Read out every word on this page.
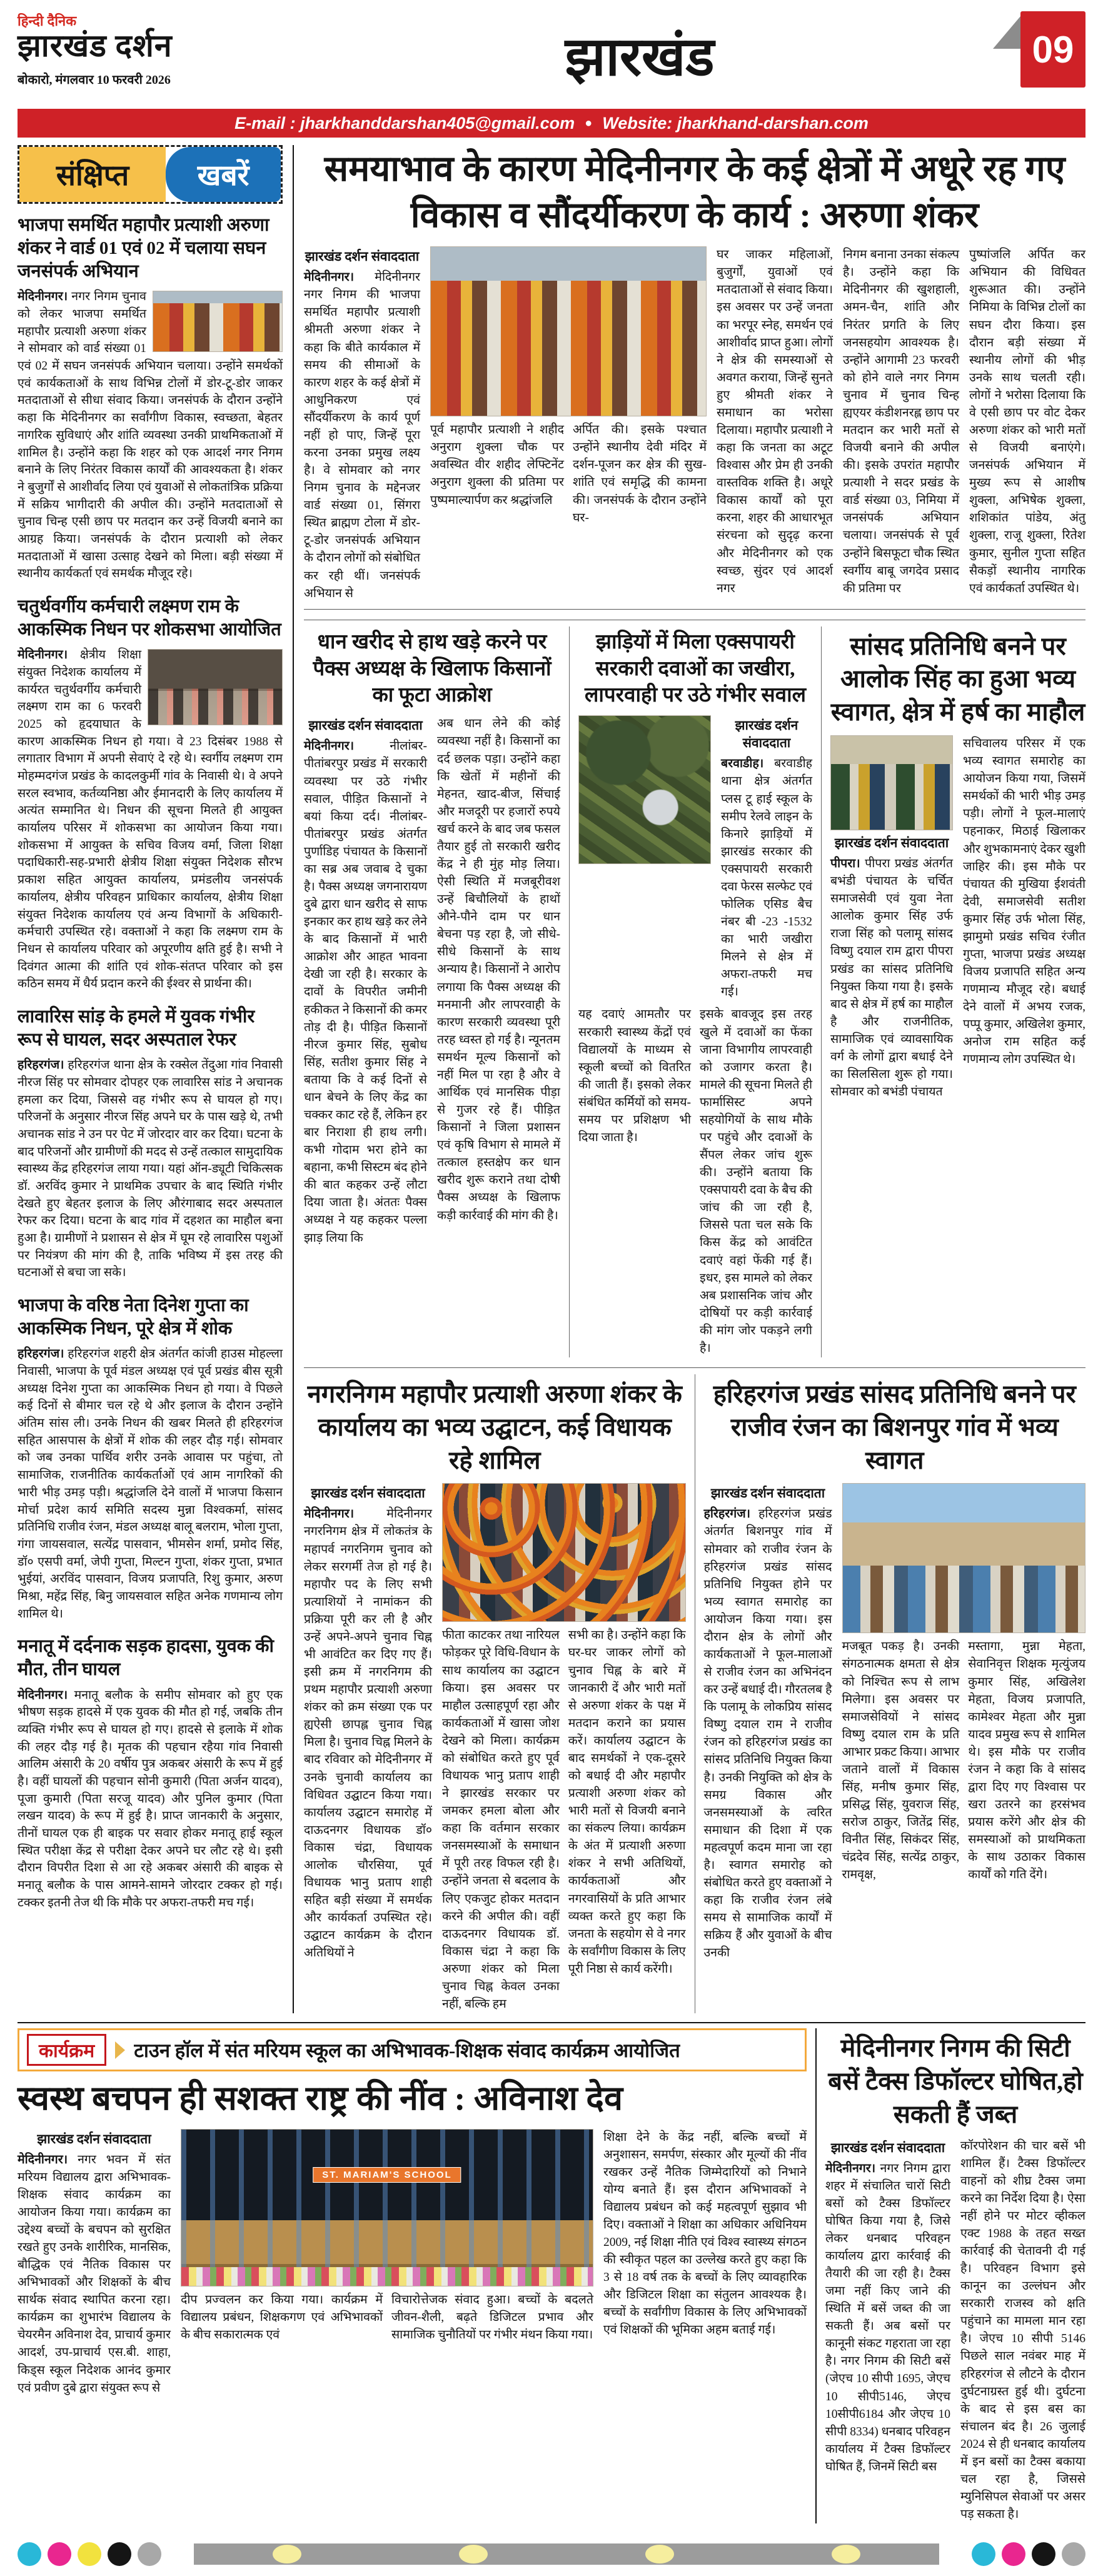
हिन्दी दैनिक
झारखंड दर्शन
बोकारो, मंगलवार 10 फरवरी 2026	झारखंड	09
E-mail : jharkhanddarshan405@gmail.com ● Website: jharkhand-darshan.com
संक्षिप्त	खबरें
भाजपा समर्थित महापौर प्रत्याशी अरुणा शंकर ने वार्ड 01 एवं 02 में चलाया सघन जनसंपर्क अभियान

मेदिनीनगर। नगर निगम चुनाव को लेकर भाजपा समर्थित महापौर प्रत्याशी अरुणा शंकर ने सोमवार को वार्ड संख्या 01 एवं 02 में सघन जनसंपर्क अभियान चलाया। उन्होंने समर्थकों एवं कार्यकताओं के साथ विभिन्न टोलों में डोर-टू-डोर जाकर मतदाताओं से सीधा संवाद किया। जनसंपर्क के दौरान उन्होंने कहा कि मेदिनीनगर का सर्वांगीण विकास, स्वच्छता, बेहतर नागरिक सुविधाएं और शांति व्यवस्था उनकी प्राथमिकताओं में शामिल है। उन्होंने कहा कि शहर को एक आदर्श नगर निगम बनाने के लिए निरंतर विकास कार्यों की आवश्यकता है। शंकर ने बुजुर्गों से आशीर्वाद लिया एवं युवाओं से लोकतांत्रिक प्रक्रिया में सक्रिय भागीदारी की अपील की। उन्होंने मतदाताओं से चुनाव चिन्ह एसी छाप पर मतदान कर उन्हें विजयी बनाने का आग्रह किया। जनसंपर्क के दौरान प्रत्याशी को लेकर मतदाताओं में खासा उत्साह देखने को मिला। बड़ी संख्या में स्थानीय कार्यकर्ता एवं समर्थक मौजूद रहे।

चतुर्थवर्गीय कर्मचारी लक्ष्मण राम के आकस्मिक निधन पर शोकसभा आयोजित

मेदिनीनगर। क्षेत्रीय शिक्षा संयुक्त निदेशक कार्यालय में कार्यरत चतुर्थवर्गीय कर्मचारी लक्ष्मण राम का 6 फरवरी 2025 को हृदयाघात के कारण आकस्मिक निधन हो गया। वे 23 दिसंबर 1988 से लगातार विभाग में अपनी सेवाएं दे रहे थे। स्वर्गीय लक्ष्मण राम मोहम्मदगंज प्रखंड के कादलकुर्मी गांव के निवासी थे। वे अपने सरल स्वभाव, कर्तव्यनिष्ठा और ईमानदारी के लिए कार्यालय में अत्यंत सम्मानित थे। निधन की सूचना मिलते ही आयुक्त कार्यालय परिसर में शोकसभा का आयोजन किया गया। शोकसभा में आयुक्त के सचिव विजय वर्मा, जिला शिक्षा पदाधिकारी-सह-प्रभारी क्षेत्रीय शिक्षा संयुक्त निदेशक सौरभ प्रकाश सहित आयुक्त कार्यालय, प्रमंडलीय जनसंपर्क कार्यालय, क्षेत्रीय परिवहन प्राधिकार कार्यालय, क्षेत्रीय शिक्षा संयुक्त निदेशक कार्यालय एवं अन्य विभागों के अधिकारी-कर्मचारी उपस्थित रहे। वक्ताओं ने कहा कि लक्ष्मण राम के निधन से कार्यालय परिवार को अपूरणीय क्षति हुई है। सभी ने दिवंगत आत्मा की शांति एवं शोक-संतप्त परिवार को इस कठिन समय में धैर्य प्रदान करने की ईश्वर से प्रार्थना की।

लावारिस सांड़ के हमले में युवक गंभीर रूप से घायल, सदर अस्पताल रेफर

हरिहरगंज। हरिहरगंज थाना क्षेत्र के रक्सेल तेंदुआ गांव निवासी नीरज सिंह पर सोमवार दोपहर एक लावारिस सांड ने अचानक हमला कर दिया, जिससे वह गंभीर रूप से घायल हो गए। परिजनों के अनुसार नीरज सिंह अपने घर के पास खड़े थे, तभी अचानक सांड ने उन पर पेट में जोरदार वार कर दिया। घटना के बाद परिजनों और ग्रामीणों की मदद से उन्हें तत्काल सामुदायिक स्वास्थ्य केंद्र हरिहरगंज लाया गया। यहां ऑन-ड्यूटी चिकित्सक डॉ. अरविंद कुमार ने प्राथमिक उपचार के बाद स्थिति गंभीर देखते हुए बेहतर इलाज के लिए औरंगाबाद सदर अस्पताल रेफर कर दिया। घटना के बाद गांव में दहशत का माहौल बना हुआ है। ग्रामीणों ने प्रशासन से क्षेत्र में घूम रहे लावारिस पशुओं पर नियंत्रण की मांग की है, ताकि भविष्य में इस तरह की घटनाओं से बचा जा सके।

भाजपा के वरिष्ठ नेता दिनेश गुप्ता का आकस्मिक निधन, पूरे क्षेत्र में शोक

हरिहरगंज। हरिहरगंज शहरी क्षेत्र अंतर्गत कांजी हाउस मोहल्ला निवासी, भाजपा के पूर्व मंडल अध्यक्ष एवं पूर्व प्रखंड बीस सूत्री अध्यक्ष दिनेश गुप्ता का आकस्मिक निधन हो गया। वे पिछले कई दिनों से बीमार चल रहे थे और इलाज के दौरान उन्होंने अंतिम सांस ली। उनके निधन की खबर मिलते ही हरिहरगंज सहित आसपास के क्षेत्रों में शोक की लहर दौड़ गई। सोमवार को जब उनका पार्थिव शरीर उनके आवास पर पहुंचा, तो सामाजिक, राजनीतिक कार्यकर्ताओं एवं आम नागरिकों की भारी भीड़ उमड़ पड़ी। श्रद्धांजलि देने वालों में भाजपा किसान मोर्चा प्रदेश कार्य समिति सदस्य मुन्ना विश्वकर्मा, सांसद प्रतिनिधि राजीव रंजन, मंडल अध्यक्ष बालू बलराम, भोला गुप्ता, गंगा जायसवाल, सत्येंद्र पासवान, भीमसेन शर्मा, प्रमोद सिंह, डॉ० एसपी वर्मा, जेपी गुप्ता, मिल्टन गुप्ता, शंकर गुप्ता, प्रभात भुईयां, अरविंद पासवान, विजय प्रजापति, रिशु कुमार, अरुण मिश्रा, महेंद्र सिंह, बिनु जायसवाल सहित अनेक गणमान्य लोग शामिल थे।

मनातू में दर्दनाक सड़क हादसा, युवक की मौत, तीन घायल

मेदिनीनगर। मनातू बलौक के समीप सोमवार को हुए एक भीषण सड़क हादसे में एक युवक की मौत हो गई, जबकि तीन व्यक्ति गंभीर रूप से घायल हो गए। हादसे से इलाके में शोक की लहर दौड़ गई है। मृतक की पहचान रहैया गांव निवासी आलिम अंसारी के 20 वर्षीय पुत्र अकबर अंसारी के रूप में हुई है। वहीं घायलों की पहचान सोनी कुमारी (पिता अर्जन यादव), पूजा कुमारी (पिता सरजू यादव) और पुनिल कुमार (पिता लखन यादव) के रूप में हुई है। प्राप्त जानकारी के अनुसार, तीनों घायल एक ही बाइक पर सवार होकर मनातू हाई स्कूल स्थित परीक्षा केंद्र से परीक्षा देकर अपने घर लौट रहे थे। इसी दौरान विपरीत दिशा से आ रहे अकबर अंसारी की बाइक से मनातू बलौक के पास आमने-सामने जोरदार टक्कर हो गई। टक्कर इतनी तेज थी कि मौके पर अफरा-तफरी मच गई।

समयाभाव के कारण मेदिनीनगर के कई क्षेत्रों में अधूरे रह गए विकास व सौंदर्यीकरण के कार्य : अरुणा शंकर
झारखंड दर्शन संवाददाता

मेदिनीनगर। मेदिनीनगर नगर निगम की भाजपा समर्थित महापौर प्रत्याशी श्रीमती अरुणा शंकर ने कहा कि बीते कार्यकाल में समय की सीमाओं के कारण शहर के कई क्षेत्रों में आधुनिकरण एवं सौंदर्यीकरण के कार्य पूर्ण नहीं हो पाए, जिन्हें पूरा करना उनका प्रमुख लक्ष्य है। वे सोमवार को नगर निगम चुनाव के मद्देनजर वार्ड संख्या 01, सिंगरा स्थित ब्राह्मण टोला में डोर-टू-डोर जनसंपर्क अभियान के दौरान लोगों को संबोधित कर रही थीं। जनसंपर्क अभियान से

पूर्व महापौर प्रत्याशी ने शहीद अनुराग शुक्ला चौक पर अवस्थित वीर शहीद लेफ्टिनेंट अनुराग शुक्ला की प्रतिमा पर पुष्पमाल्यार्पण कर श्रद्धांजलि

अर्पित की। इसके पश्चात उन्होंने स्थानीय देवी मंदिर में दर्शन-पूजन कर क्षेत्र की सुख-शांति एवं समृद्धि की कामना की। जनसंपर्क के दौरान उन्होंने घर-

घर जाकर महिलाओं, बुजुर्गों, युवाओं एवं मतदाताओं से संवाद किया। इस अवसर पर उन्हें जनता का भरपूर स्नेह, समर्थन एवं आशीर्वाद प्राप्त हुआ। लोगों ने क्षेत्र की समस्याओं से अवगत कराया, जिन्हें सुनते हुए श्रीमती शंकर ने समाधान का भरोसा दिलाया। महापौर प्रत्याशी ने कहा कि जनता का अटूट विश्वास और प्रेम ही उनकी वास्तविक शक्ति है। अधूरे विकास कार्यों को पूरा करना, शहर की आधारभूत संरचना को सुदृढ़ करना और मेदिनीनगर को एक स्वच्छ, सुंदर एवं आदर्श नगर

निगम बनाना उनका संकल्प है। उन्होंने कहा कि मेदिनीनगर की खुशहाली, अमन-चैन, शांति और निरंतर प्रगति के लिए जनसहयोग आवश्यक है। उन्होंने आगामी 23 फरवरी को होने वाले नगर निगम चुनाव में चुनाव चिन्ह ह्यएयर कंडीशनरह्ल छाप पर मतदान कर भारी मतों से विजयी बनाने की अपील की। इसके उपरांत महापौर प्रत्याशी ने सदर प्रखंड के वार्ड संख्या 03, निमिया में जनसंपर्क अभियान चलाया। जनसंपर्क से पूर्व उन्होंने बिसफूटा चौक स्थित स्वर्गीय बाबू जगदेव प्रसाद की प्रतिमा पर

पुष्पांजलि अर्पित कर अभियान की विधिवत शुरूआत की। उन्होंने निमिया के विभिन्न टोलों का सघन दौरा किया। इस दौरान बड़ी संख्या में स्थानीय लोगों की भीड़ उनके साथ चलती रही। लोगों ने भरोसा दिलाया कि वे एसी छाप पर वोट देकर अरुणा शंकर को भारी मतों से विजयी बनाएंगे। जनसंपर्क अभियान में मुख्य रूप से आशीष शुक्ला, अभिषेक शुक्ला, शशिकांत पांडेय, अंतु शुक्ला, राजू शुक्ला, रितेश कुमार, सुनील गुप्ता सहित सैकड़ों स्थानीय नागरिक एवं कार्यकर्ता उपस्थित थे।

धान खरीद से हाथ खड़े करने पर पैक्स अध्यक्ष के खिलाफ किसानों का फूटा आक्रोश
झारखंड दर्शन संवाददाता

मेदिनीनगर।	नीलांबर-पीतांबरपुर प्रखंड में सरकारी व्यवस्था पर उठे गंभीर सवाल, पीड़ित किसानों ने बयां किया दर्द। नीलांबर-पीतांबरपुर प्रखंड अंतर्गत पुर्णाडिह पंचायत के किसानों का सब्र अब जवाब दे चुका है। पैक्स अध्यक्ष जगनारायण दुबे द्वारा धान खरीद से साफ इनकार कर हाथ खड़े कर लेने के बाद किसानों में भारी आक्रोश और आहत भावना देखी जा रही है। सरकार के दावों के विपरीत जमीनी हकीकत ने किसानों की कमर तोड़ दी है। पीड़ित किसानों नीरज कुमार सिंह, सुबोध सिंह, सतीश कुमार सिंह ने बताया कि वे कई दिनों से धान बेचने के लिए केंद्र का चक्कर काट रहे हैं, लेकिन हर बार निराशा ही हाथ लगी। कभी गोदाम भरा होने का बहाना, कभी सिस्टम बंद होने की बात कहकर उन्हें लौटा दिया जाता है। अंततः पैक्स अध्यक्ष ने यह कहकर पल्ला झाड़ लिया कि

अब धान लेने की कोई व्यवस्था नहीं है। किसानों का दर्द छलक पड़ा। उन्होंने कहा कि खेतों में महीनों की मेहनत, खाद-बीज, सिंचाई और मजदूरी पर हजारों रुपये खर्च करने के बाद जब फसल तैयार हुई तो सरकारी खरीद केंद्र ने ही मुंह मोड़ लिया। ऐसी स्थिति में मजबूरीवश उन्हें बिचौलियों के हाथों औने-पौने दाम पर धान बेचना पड़ रहा है, जो सीधे-सीधे किसानों के साथ अन्याय है। किसानों ने आरोप लगाया कि पैक्स अध्यक्ष की मनमानी और लापरवाही के कारण सरकारी व्यवस्था पूरी तरह ध्वस्त हो गई है। न्यूनतम समर्थन मूल्य किसानों को नहीं मिल पा रहा है और वे आर्थिक एवं मानसिक पीड़ा से गुजर रहे हैं। पीड़ित किसानों ने जिला प्रशासन एवं कृषि विभाग से मामले में तत्काल हस्तक्षेप कर धान खरीद शुरू कराने तथा दोषी पैक्स अध्यक्ष के खिलाफ कड़ी कार्रवाई की मांग की है।

झाड़ियों में मिला एक्सपायरी सरकारी दवाओं का जखीरा, लापरवाही पर उठे गंभीर सवाल
झारखंड दर्शन संवाददाता

बरवाडीह। बरवाडीह थाना क्षेत्र अंतर्गत प्लस टू हाई स्कूल के समीप रेलवे लाइन के किनारे झाड़ियों में झारखंड सरकार की एक्सपायरी सरकारी दवा फेरस सल्फेट एवं फोलिक एसिड बैच नंबर बी -23 -1532 का भारी जखीरा मिलने से क्षेत्र में अफरा-तफरी मच गई।

यह दवाएं आमतौर पर सरकारी स्वास्थ्य केंद्रों एवं विद्यालयों के माध्यम से स्कूली बच्चों को वितरित की जाती हैं। इसको लेकर संबंधित कर्मियों को समय-समय पर प्रशिक्षण भी दिया जाता है।

इसके बावजूद इस तरह खुले में दवाओं का फेंका जाना विभागीय लापरवाही को उजागर करता है। मामले की सूचना मिलते ही फार्मासिस्ट अपने सहयोगियों के साथ मौके पर पहुंचे और दवाओं के सैंपल लेकर जांच शुरू की। उन्होंने बताया कि एक्सपायरी दवा के बैच की जांच की जा रही है, जिससे पता चल सके कि किस केंद्र को आवंटित दवाएं वहां फेंकी गई हैं। इधर, इस मामले को लेकर अब प्रशासनिक जांच और दोषियों पर कड़ी कार्रवाई की मांग जोर पकड़ने लगी है।

सांसद प्रतिनिधि बनने पर आलोक सिंह का हुआ भव्य स्वागत, क्षेत्र में हर्ष का माहौल
झारखंड दर्शन संवाददाता

पीपरा। पीपरा प्रखंड अंतर्गत बभंडी पंचायत के चर्चित समाजसेवी एवं युवा नेता आलोक कुमार सिंह उर्फ राजा सिंह को पलामू सांसद विष्णु दयाल राम द्वारा पीपरा प्रखंड का सांसद प्रतिनिधि नियुक्त किया गया है। इसके बाद से क्षेत्र में हर्ष का माहौल है और राजनीतिक, सामाजिक एवं व्यावसायिक वर्ग के लोगों द्वारा बधाई देने का सिलसिला शुरू हो गया। सोमवार को बभंडी पंचायत

सचिवालय परिसर में एक भव्य स्वागत समारोह का आयोजन किया गया, जिसमें समर्थकों की भारी भीड़ उमड़ पड़ी। लोगों ने फूल-मालाएं पहनाकर, मिठाई खिलाकर और शुभकामनाएं देकर खुशी जाहिर की। इस मौके पर पंचायत की मुखिया ईशवंती देवी, समाजसेवी सतीश कुमार सिंह उर्फ भोला सिंह, झामुमो प्रखंड सचिव रंजीत गुप्ता, भाजपा प्रखंड अध्यक्ष विजय प्रजापति सहित अन्य गणमान्य मौजूद रहे। बधाई देने वालों में अभय रजक, पप्पू कुमार, अखिलेश कुमार, अनोज राम सहित कई गणमान्य लोग उपस्थित थे।

नगरनिगम महापौर प्रत्याशी अरुणा शंकर के कार्यालय का भव्य उद्घाटन, कई विधायक रहे शामिल
झारखंड दर्शन संवाददाता

मेदिनीनगर।	मेदिनीनगर नगरनिगम क्षेत्र में लोकतंत्र के महापर्व नगरनिगम चुनाव को लेकर सरगर्मी तेज हो गई है। महापौर पद के लिए सभी प्रत्याशियों ने नामांकन की प्रक्रिया पूरी कर ली है और उन्हें अपने-अपने चुनाव चिह्न भी आवंटित कर दिए गए हैं। इसी क्रम में नगरनिगम की प्रथम महापौर प्रत्याशी अरुणा शंकर को क्रम संख्या एक पर ह्यऐसी छापह्ल चुनाव चिह्न मिला है। चुनाव चिह्न मिलने के बाद रविवार को मेदिनीनगर में उनके चुनावी कार्यालय का विधिवत उद्घाटन किया गया। कार्यालय उद्घाटन समारोह में दाऊदनगर विधायक डॉ० विकास चंद्रा, विधायक आलोक चौरसिया, पूर्व विधायक भानु प्रताप शाही सहित बड़ी संख्या में समर्थक और कार्यकर्ता उपस्थित रहे। उद्घाटन कार्यक्रम के दौरान अतिथियों ने

फीता काटकर तथा नारियल फोड़कर पूरे विधि-विधान के साथ कार्यालय का उद्घाटन किया। इस अवसर पर माहौल उत्साहपूर्ण रहा और कार्यकताओं में खासा जोश देखने को मिला। कार्यक्रम को संबोधित करते हुए पूर्व विधायक भानु प्रताप शाही ने झारखंड सरकार पर जमकर हमला बोला और कहा कि वर्तमान सरकार जनसमस्याओं के समाधान में पूरी तरह विफल रही है। उन्होंने जनता से बदलाव के लिए एकजुट होकर मतदान करने की अपील की। वहीं दाऊदनगर विधायक डॉ. विकास चंद्रा ने कहा कि अरुणा शंकर को मिला चुनाव चिह्न केवल उनका नहीं, बल्कि हम

सभी का है। उन्होंने कहा कि घर-घर जाकर लोगों को चुनाव चिह्न के बारे में जानकारी दें और भारी मतों से अरुणा शंकर के पक्ष में मतदान कराने का प्रयास करें। कार्यालय उद्घाटन के बाद समर्थकों ने एक-दूसरे को बधाई दी और महापौर प्रत्याशी अरुणा शंकर को भारी मतों से विजयी बनाने का संकल्प लिया। कार्यक्रम के अंत में प्रत्याशी अरुणा शंकर ने सभी अतिथियों, कार्यकताओं और नगरवासियों के प्रति आभार व्यक्त करते हुए कहा कि जनता के सहयोग से वे नगर के सर्वांगीण विकास के लिए पूरी निष्ठा से कार्य करेंगी।

हरिहरगंज प्रखंड सांसद प्रतिनिधि बनने पर राजीव रंजन का बिशनपुर गांव में भव्य स्वागत
झारखंड दर्शन संवाददाता

हरिहरगंज। हरिहरगंज प्रखंड अंतर्गत बिशनपुर गांव में सोमवार को राजीव रंजन के हरिहरगंज प्रखंड सांसद प्रतिनिधि नियुक्त होने पर भव्य स्वागत समारोह का आयोजन किया गया। इस दौरान क्षेत्र के लोगों और कार्यकताओं ने फूल-मालाओं से राजीव रंजन का अभिनंदन कर उन्हें बधाई दी। गौरतलब है कि पलामू के लोकप्रिय सांसद विष्णु दयाल राम ने राजीव रंजन को हरिहरगंज प्रखंड का सांसद प्रतिनिधि नियुक्त किया है। उनकी नियुक्ति को क्षेत्र के समग्र विकास और जनसमस्याओं के त्वरित समाधान की दिशा में एक महत्वपूर्ण कदम माना जा रहा है। स्वागत समारोह को संबोधित करते हुए वक्ताओं ने कहा कि राजीव रंजन लंबे समय से सामाजिक कार्यों में सक्रिय हैं और युवाओं के बीच उनकी

मजबूत पकड़ है। उनकी संगठनात्मक क्षमता से क्षेत्र को निश्चित रूप से लाभ मिलेगा। इस अवसर पर समाजसेवियों ने सांसद विष्णु दयाल राम के प्रति आभार प्रकट किया। आभार जताने वालों में विकास सिंह, मनीष कुमार सिंह, प्रसिद्ध सिंह, युवराज सिंह, सरोज ठाकुर, जितेंद्र सिंह, विनीत सिंह, सिकंदर सिंह, चंद्रदेव सिंह, सत्येंद्र ठाकुर, रामवृक्ष,

मस्तागा, मुन्ना मेहता, सेवानिवृत्त शिक्षक मृत्युंजय कुमार सिंह, अखिलेश मेहता, विजय प्रजापति, कामेश्वर मेहता और मुन्ना यादव प्रमुख रूप से शामिल थे। इस मौके पर राजीव रंजन ने कहा कि वे सांसद द्वारा दिए गए विश्वास पर खरा उतरने का हरसंभव प्रयास करेंगे और क्षेत्र की समस्याओं को प्राथमिकता के साथ उठाकर विकास कार्यों को गति देंगे।

कार्यक्रम	टाउन हॉल में संत मरियम स्कूल का अभिभावक-शिक्षक संवाद कार्यक्रम आयोजित
स्वस्थ बचपन ही सशक्त राष्ट्र की नींव : अविनाश देव
झारखंड दर्शन संवाददाता

मेदिनीनगर। नगर भवन में संत मरियम विद्यालय द्वारा अभिभावक-शिक्षक संवाद कार्यक्रम का आयोजन किया गया। कार्यक्रम का उद्देश्य बच्चों के बचपन को सुरक्षित रखते हुए उनके शारीरिक, मानसिक, बौद्धिक एवं नैतिक विकास पर अभिभावकों और शिक्षकों के बीच सार्थक संवाद स्थापित करना रहा। कार्यक्रम का शुभारंभ विद्यालय के चेयरमैन अविनाश देव, प्राचार्य कुमार आदर्श, उप-प्राचार्य एस.बी. शाहा, किड्स स्कूल निदेशक आनंद कुमार एवं प्रवीण दुबे द्वारा संयुक्त रूप से

ST. MARIAM'S SCHOOL

दीप प्रज्वलन कर किया गया। कार्यक्रम में विद्यालय प्रबंधन, शिक्षकगण एवं अभिभावकों के बीच सकारात्मक एवं

विचारोत्तेजक संवाद हुआ। बच्चों के बदलते जीवन-शैली, बढ़ते डिजिटल प्रभाव और सामाजिक चुनौतियों पर गंभीर मंथन किया गया।

शिक्षा देने के केंद्र नहीं, बल्कि बच्चों में अनुशासन, समर्पण, संस्कार और मूल्यों की नींव रखकर उन्हें नैतिक जिम्मेदारियों को निभाने योग्य बनाते हैं। इस दौरान अभिभावकों ने विद्यालय प्रबंधन को कई महत्वपूर्ण सुझाव भी दिए। वक्ताओं ने शिक्षा का अधिकार अधिनियम 2009, नई शिक्षा नीति एवं विश्व स्वास्थ्य संगठन की स्वीकृत पहल का उल्लेख करते हुए कहा कि 3 से 18 वर्ष तक के बच्चों के लिए व्यावहारिक और डिजिटल शिक्षा का संतुलन आवश्यक है। बच्चों के सर्वांगीण विकास के लिए अभिभावकों एवं शिक्षकों की भूमिका अहम बताई गई।

मेदिनीनगर निगम की सिटी बसें टैक्स डिफॉल्टर घोषित,हो सकती हैं जब्त
झारखंड दर्शन संवाददाता

मेदिनीनगर। नगर निगम द्वारा शहर में संचालित चारों सिटी बसों को टैक्स डिफॉल्टर घोषित किया गया है, जिसे लेकर धनबाद परिवहन कार्यालय द्वारा कार्रवाई की तैयारी की जा रही है। टैक्स जमा नहीं किए जाने की स्थिति में बसें जब्त की जा सकती हैं। अब बसों पर कानूनी संकट गहराता जा रहा है। नगर निगम की सिटी बसें (जेएच 10 सीपी 1695, जेएच 10 सीपी5146, जेएच 10सीपी6184 और जेएच 10 सीपी 8334) धनबाद परिवहन कार्यालय में टैक्स डिफॉल्टर घोषित हैं, जिनमें सिटी बस

कॉरपोरेशन की चार बसें भी शामिल हैं। टैक्स डिफॉल्टर वाहनों को शीघ्र टैक्स जमा करने का निर्देश दिया है। ऐसा नहीं होने पर मोटर व्हीकल एक्ट 1988 के तहत सख्त कार्रवाई की चेतावनी दी गई है। परिवहन विभाग इसे कानून का उल्लंघन और सरकारी राजस्व को क्षति पहुंचाने का मामला मान रहा है। जेएच 10 सीपी 5146 पिछले साल नवंबर माह में हरिहरगंज से लौटने के दौरान दुर्घटनाग्रस्त हुई थी। दुर्घटना के बाद से इस बस का संचालन बंद है। 26 जुलाई 2024 से ही धनबाद कार्यालय में इन बसों का टैक्स बकाया चल रहा है, जिससे म्युनिसिपल सेवाओं पर असर पड़ सकता है।
